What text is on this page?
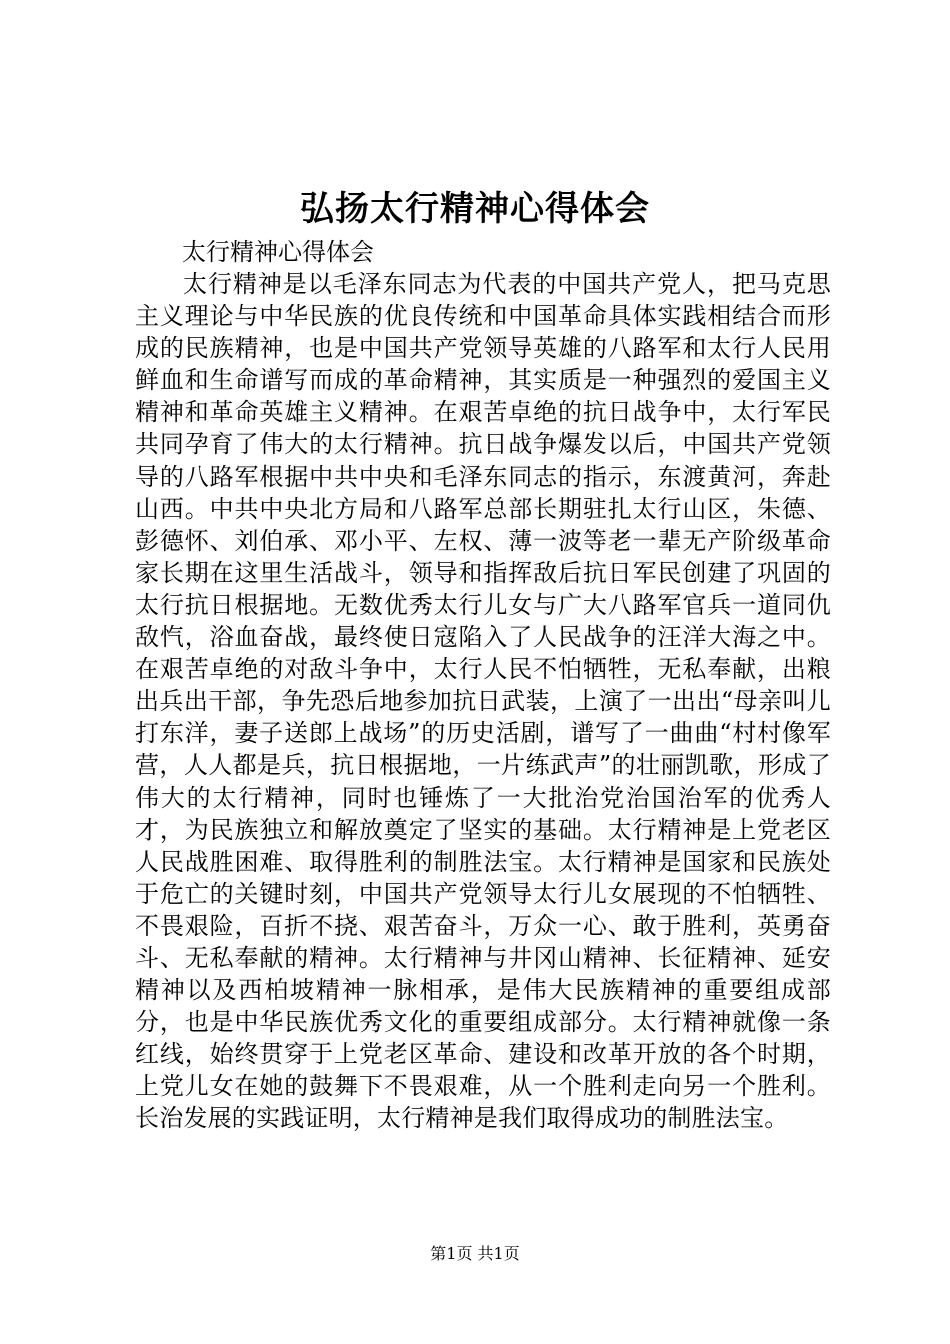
弘扬太行精神心得体会

太行精神心得体会

太行精神是以毛泽东同志为代表的中国共产党人，把马克思主义理论与中华民族的优良传统和中国革命具体实践相结合而形成的民族精神，也是中国共产党领导英雄的八路军和太行人民用鲜血和生命谱写而成的革命精神，其实质是一种强烈的爱国主义精神和革命英雄主义精神。在艰苦卓绝的抗日战争中，太行军民共同孕育了伟大的太行精神。抗日战争爆发以后，中国共产党领导的八路军根据中共中央和毛泽东同志的指示，东渡黄河，奔赴山西。中共中央北方局和八路军总部长期驻扎太行山区，朱德、彭德怀、刘伯承、邓小平、左权、薄一波等老一辈无产阶级革命家长期在这里生活战斗，领导和指挥敌后抗日军民创建了巩固的太行抗日根据地。无数优秀太行儿女与广大八路军官兵一道同仇敌忾，浴血奋战，最终使日寇陷入了人民战争的汪洋大海之中。在艰苦卓绝的对敌斗争中，太行人民不怕牺牲，无私奉献，出粮出兵出干部，争先恐后地参加抗日武装，上演了一出出“母亲叫儿打东洋，妻子送郎上战场”的历史活剧，谱写了一曲曲“村村像军营，人人都是兵，抗日根据地，一片练武声”的壮丽凯歌，形成了伟大的太行精神，同时也锤炼了一大批治党治国治军的优秀人才，为民族独立和解放奠定了坚实的基础。太行精神是上党老区人民战胜困难、取得胜利的制胜法宝。太行精神是国家和民族处于危亡的关键时刻，中国共产党领导太行儿女展现的不怕牺牲、不畏艰险，百折不挠、艰苦奋斗，万众一心、敢于胜利，英勇奋斗、无私奉献的精神。太行精神与井冈山精神、长征精神、延安精神以及西柏坡精神一脉相承，是伟大民族精神的重要组成部分，也是中华民族优秀文化的重要组成部分。太行精神就像一条红线，始终贯穿于上党老区革命、建设和改革开放的各个时期，上党儿女在她的鼓舞下不畏艰难，从一个胜利走向另一个胜利。长治发展的实践证明，太行精神是我们取得成功的制胜法宝。

第1页 共1页
